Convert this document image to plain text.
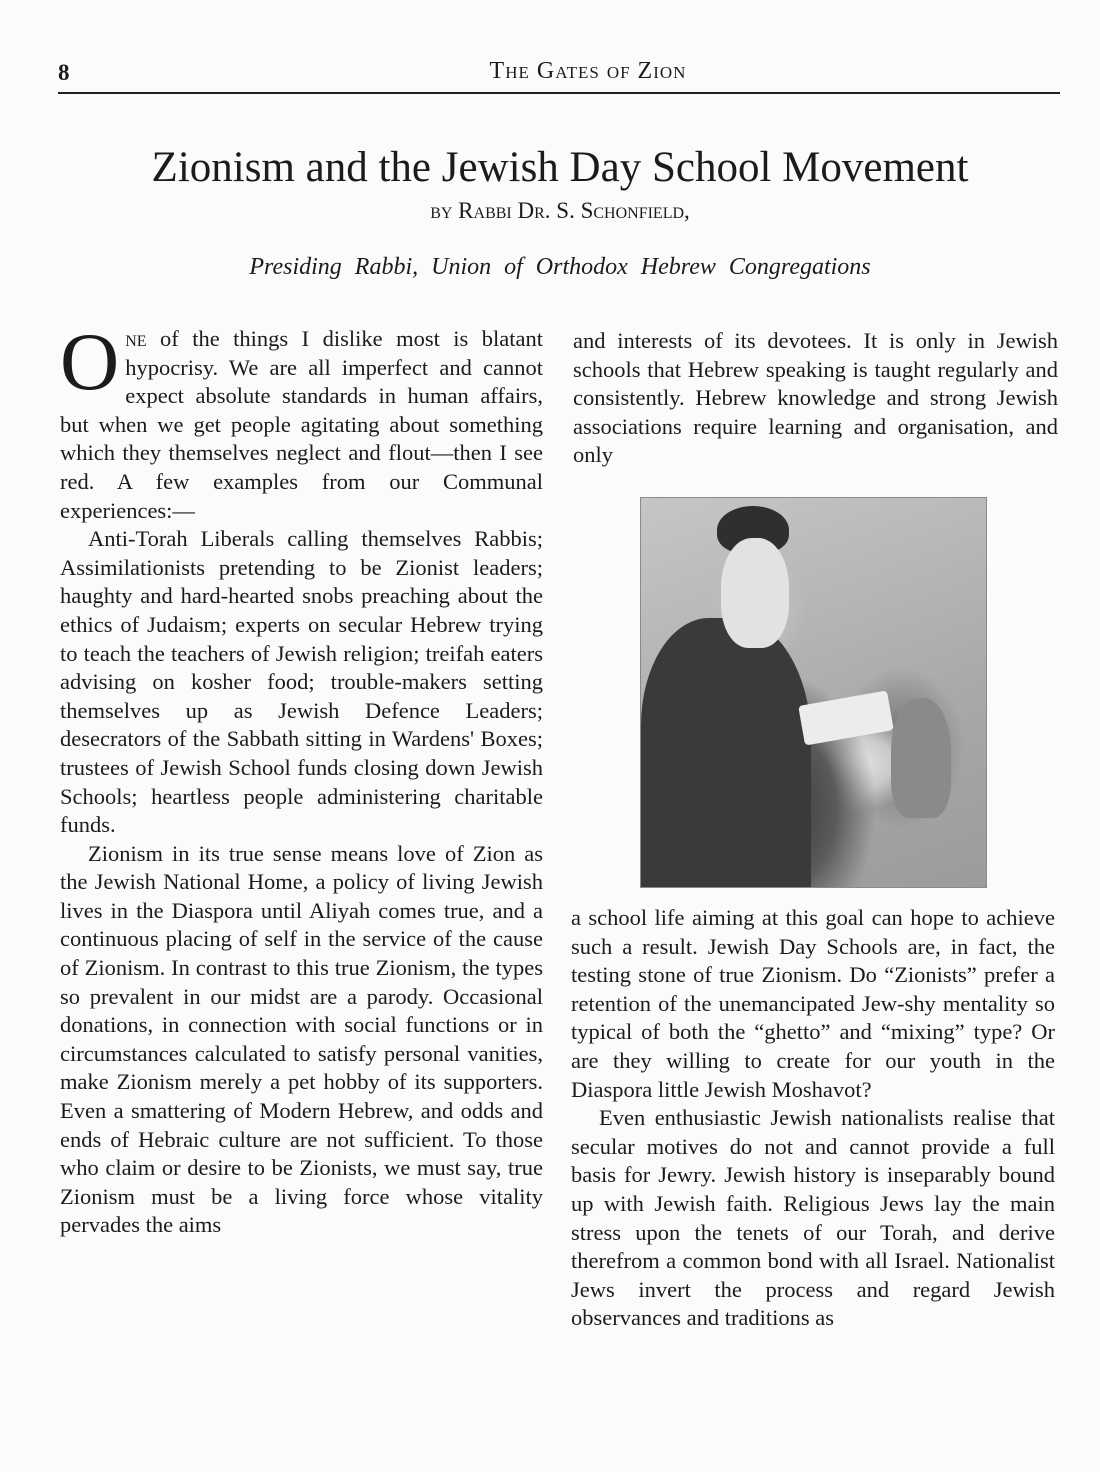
8	The Gates of Zion
Zionism and the Jewish Day School Movement
by Rabbi Dr. S. Schonfield,
Presiding Rabbi, Union of Orthodox Hebrew Congregations

One of the things I dislike most is blatant hypocrisy. We are all imperfect and cannot expect absolute standards in human affairs, but when we get people agitating about something which they themselves neglect and flout—then I see red. A few examples from our Communal experiences:—

Anti-Torah Liberals calling themselves Rabbis; Assimilationists pretending to be Zionist leaders; haughty and hard-hearted snobs preaching about the ethics of Judaism; experts on secular Hebrew trying to teach the teachers of Jewish religion; treifah eaters advising on kosher food; trouble-makers setting themselves up as Jewish Defence Leaders; desecrators of the Sabbath sitting in Wardens' Boxes; trustees of Jewish School funds closing down Jewish Schools; heartless people administering charitable funds.

Zionism in its true sense means love of Zion as the Jewish National Home, a policy of living Jewish lives in the Diaspora until Aliyah comes true, and a continuous placing of self in the service of the cause of Zionism. In contrast to this true Zionism, the types so prevalent in our midst are a parody. Occasional donations, in connection with social functions or in circumstances calculated to satisfy personal vanities, make Zionism merely a pet hobby of its supporters. Even a smattering of Modern Hebrew, and odds and ends of Hebraic culture are not sufficient. To those who claim or desire to be Zionists, we must say, true Zionism must be a living force whose vitality pervades the aims

and interests of its devotees. It is only in Jewish schools that Hebrew speaking is taught regularly and consistently. Hebrew knowledge and strong Jewish associations require learning and organisation, and only

a school life aiming at this goal can hope to achieve such a result. Jewish Day Schools are, in fact, the testing stone of true Zionism. Do “Zionists” prefer a retention of the unemancipated Jew-shy mentality so typical of both the “ghetto” and “mixing” type? Or are they willing to create for our youth in the Diaspora little Jewish Moshavot?

Even enthusiastic Jewish nationalists realise that secular motives do not and cannot provide a full basis for Jewry. Jewish history is inseparably bound up with Jewish faith. Religious Jews lay the main stress upon the tenets of our Torah, and derive therefrom a common bond with all Israel. Nationalist Jews invert the process and regard Jewish observances and traditions as
